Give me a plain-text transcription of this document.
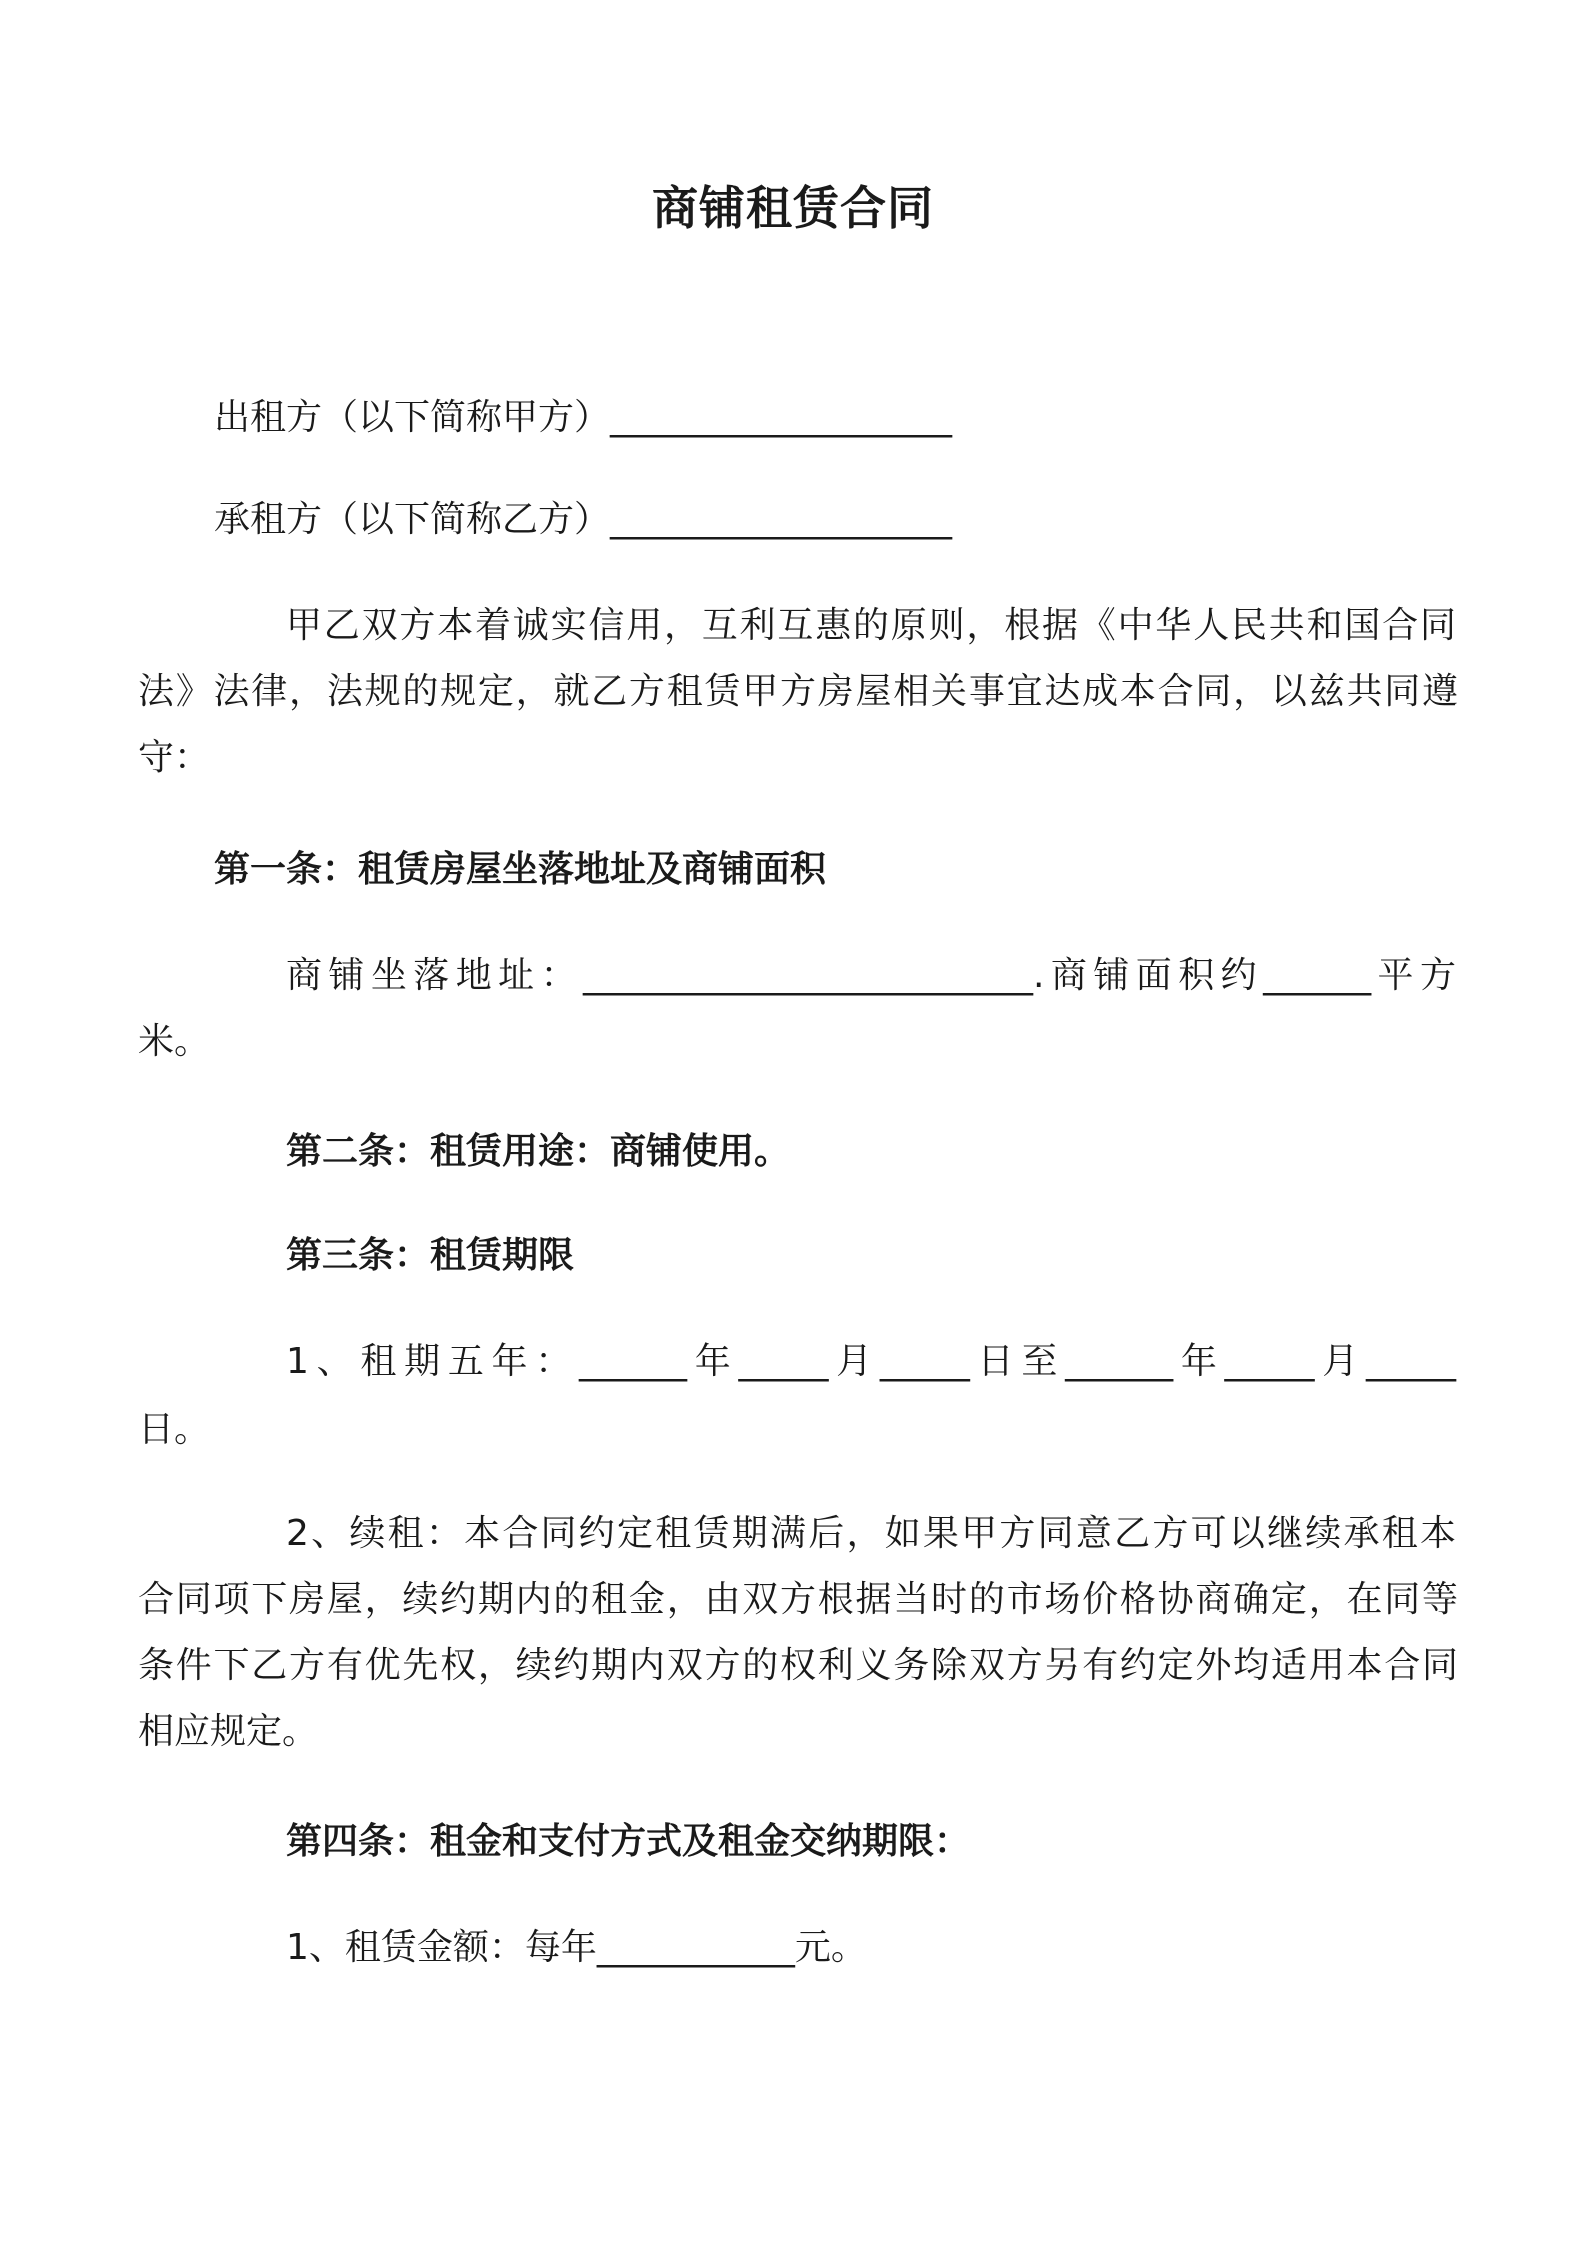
商铺租赁合同
出租方（以下简称甲方）___________________
承租方（以下简称乙方）___________________
甲乙双方本着诚实信用，互利互惠的原则，根据《中华人民共和国合同
法》法律，法规的规定，就乙方租赁甲方房屋相关事宜达成本合同，以兹共同遵
守：
第一条：租赁房屋坐落地址及商铺面积
商铺坐落地址：_________________________.商铺面积约______平方
米。
第二条：租赁用途：商铺使用。
第三条：租赁期限
1、租期五年：______年_____月_____日至______年_____月_____
日。
2、续租：本合同约定租赁期满后，如果甲方同意乙方可以继续承租本
合同项下房屋，续约期内的租金，由双方根据当时的市场价格协商确定，在同等
条件下乙方有优先权，续约期内双方的权利义务除双方另有约定外均适用本合同
相应规定。
第四条：租金和支付方式及租金交纳期限：
1、租赁金额：每年___________元。
